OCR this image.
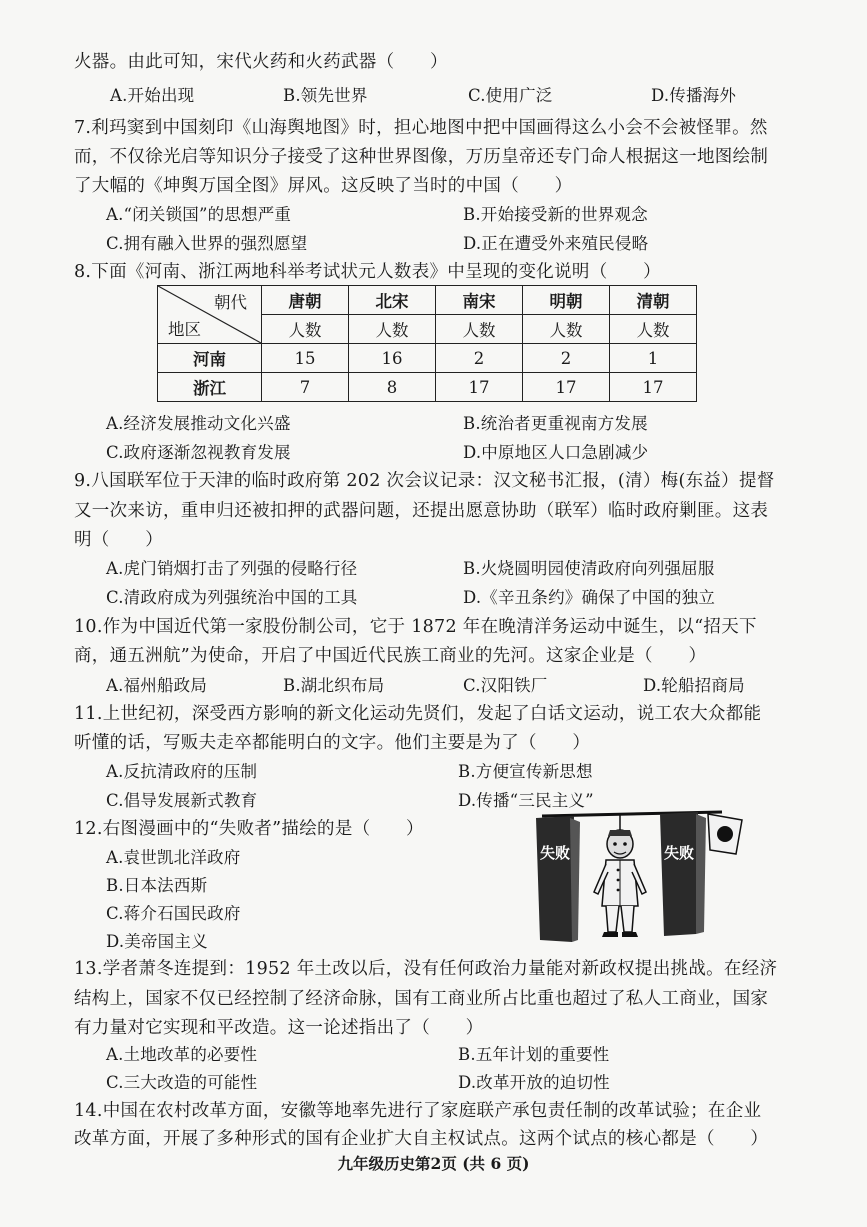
火器。由此可知，宋代火药和火药武器（　　）
A.开始出现	B.领先世界	C.使用广泛	D.传播海外
7.利玛窦到中国刻印《山海舆地图》时，担心地图中把中国画得这么小会不会被怪罪。然
而，不仅徐光启等知识分子接受了这种世界图像，万历皇帝还专门命人根据这一地图绘制
了大幅的《坤舆万国全图》屏风。这反映了当时的中国（　　）
A.“闭关锁国”的思想严重	B.开始接受新的世界观念
C.拥有融入世界的强烈愿望	D.正在遭受外来殖民侵略
8.下面《河南、浙江两地科举考试状元人数表》中呈现的变化说明（　　）
朝代
地区	唐朝	北宋	南宋	明朝	清朝
	人数	人数	人数	人数	人数
河南	15	16	2	2	1
浙江	7	8	17	17	17
A.经济发展推动文化兴盛	B.统治者更重视南方发展
C.政府逐渐忽视教育发展	D.中原地区人口急剧减少
9.八国联军位于天津的临时政府第 202 次会议记录：汉文秘书汇报，(清）梅(东益）提督
又一次来访，重申归还被扣押的武器问题，还提出愿意协助（联军）临时政府剿匪。这表
明（　　）
A.虎门销烟打击了列强的侵略行径	B.火烧圆明园使清政府向列强屈服
C.清政府成为列强统治中国的工具	D.《辛丑条约》确保了中国的独立
10.作为中国近代第一家股份制公司，它于 1872 年在晚清洋务运动中诞生，以“招天下
商，通五洲航”为使命，开启了中国近代民族工商业的先河。这家企业是（　　）
A.福州船政局	B.湖北织布局	C.汉阳铁厂	D.轮船招商局
11.上世纪初，深受西方影响的新文化运动先贤们，发起了白话文运动，说工农大众都能
听懂的话，写贩夫走卒都能明白的文字。他们主要是为了（　　）
A.反抗清政府的压制	B.方便宣传新思想
C.倡导发展新式教育	D.传播“三民主义”
12.右图漫画中的“失败者”描绘的是（　　）
A.袁世凯北洋政府
B.日本法西斯
C.蒋介石国民政府
D.美帝国主义
失败	失败
13.学者萧冬连提到：1952 年土改以后，没有任何政治力量能对新政权提出挑战。在经济
结构上，国家不仅已经控制了经济命脉，国有工商业所占比重也超过了私人工商业，国家
有力量对它实现和平改造。这一论述指出了（　　）
A.土地改革的必要性	B.五年计划的重要性
C.三大改造的可能性	D.改革开放的迫切性
14.中国在农村改革方面，安徽等地率先进行了家庭联产承包责任制的改革试验；在企业
改革方面，开展了多种形式的国有企业扩大自主权试点。这两个试点的核心都是（　　）
九年级历史第2页 (共 6 页)
